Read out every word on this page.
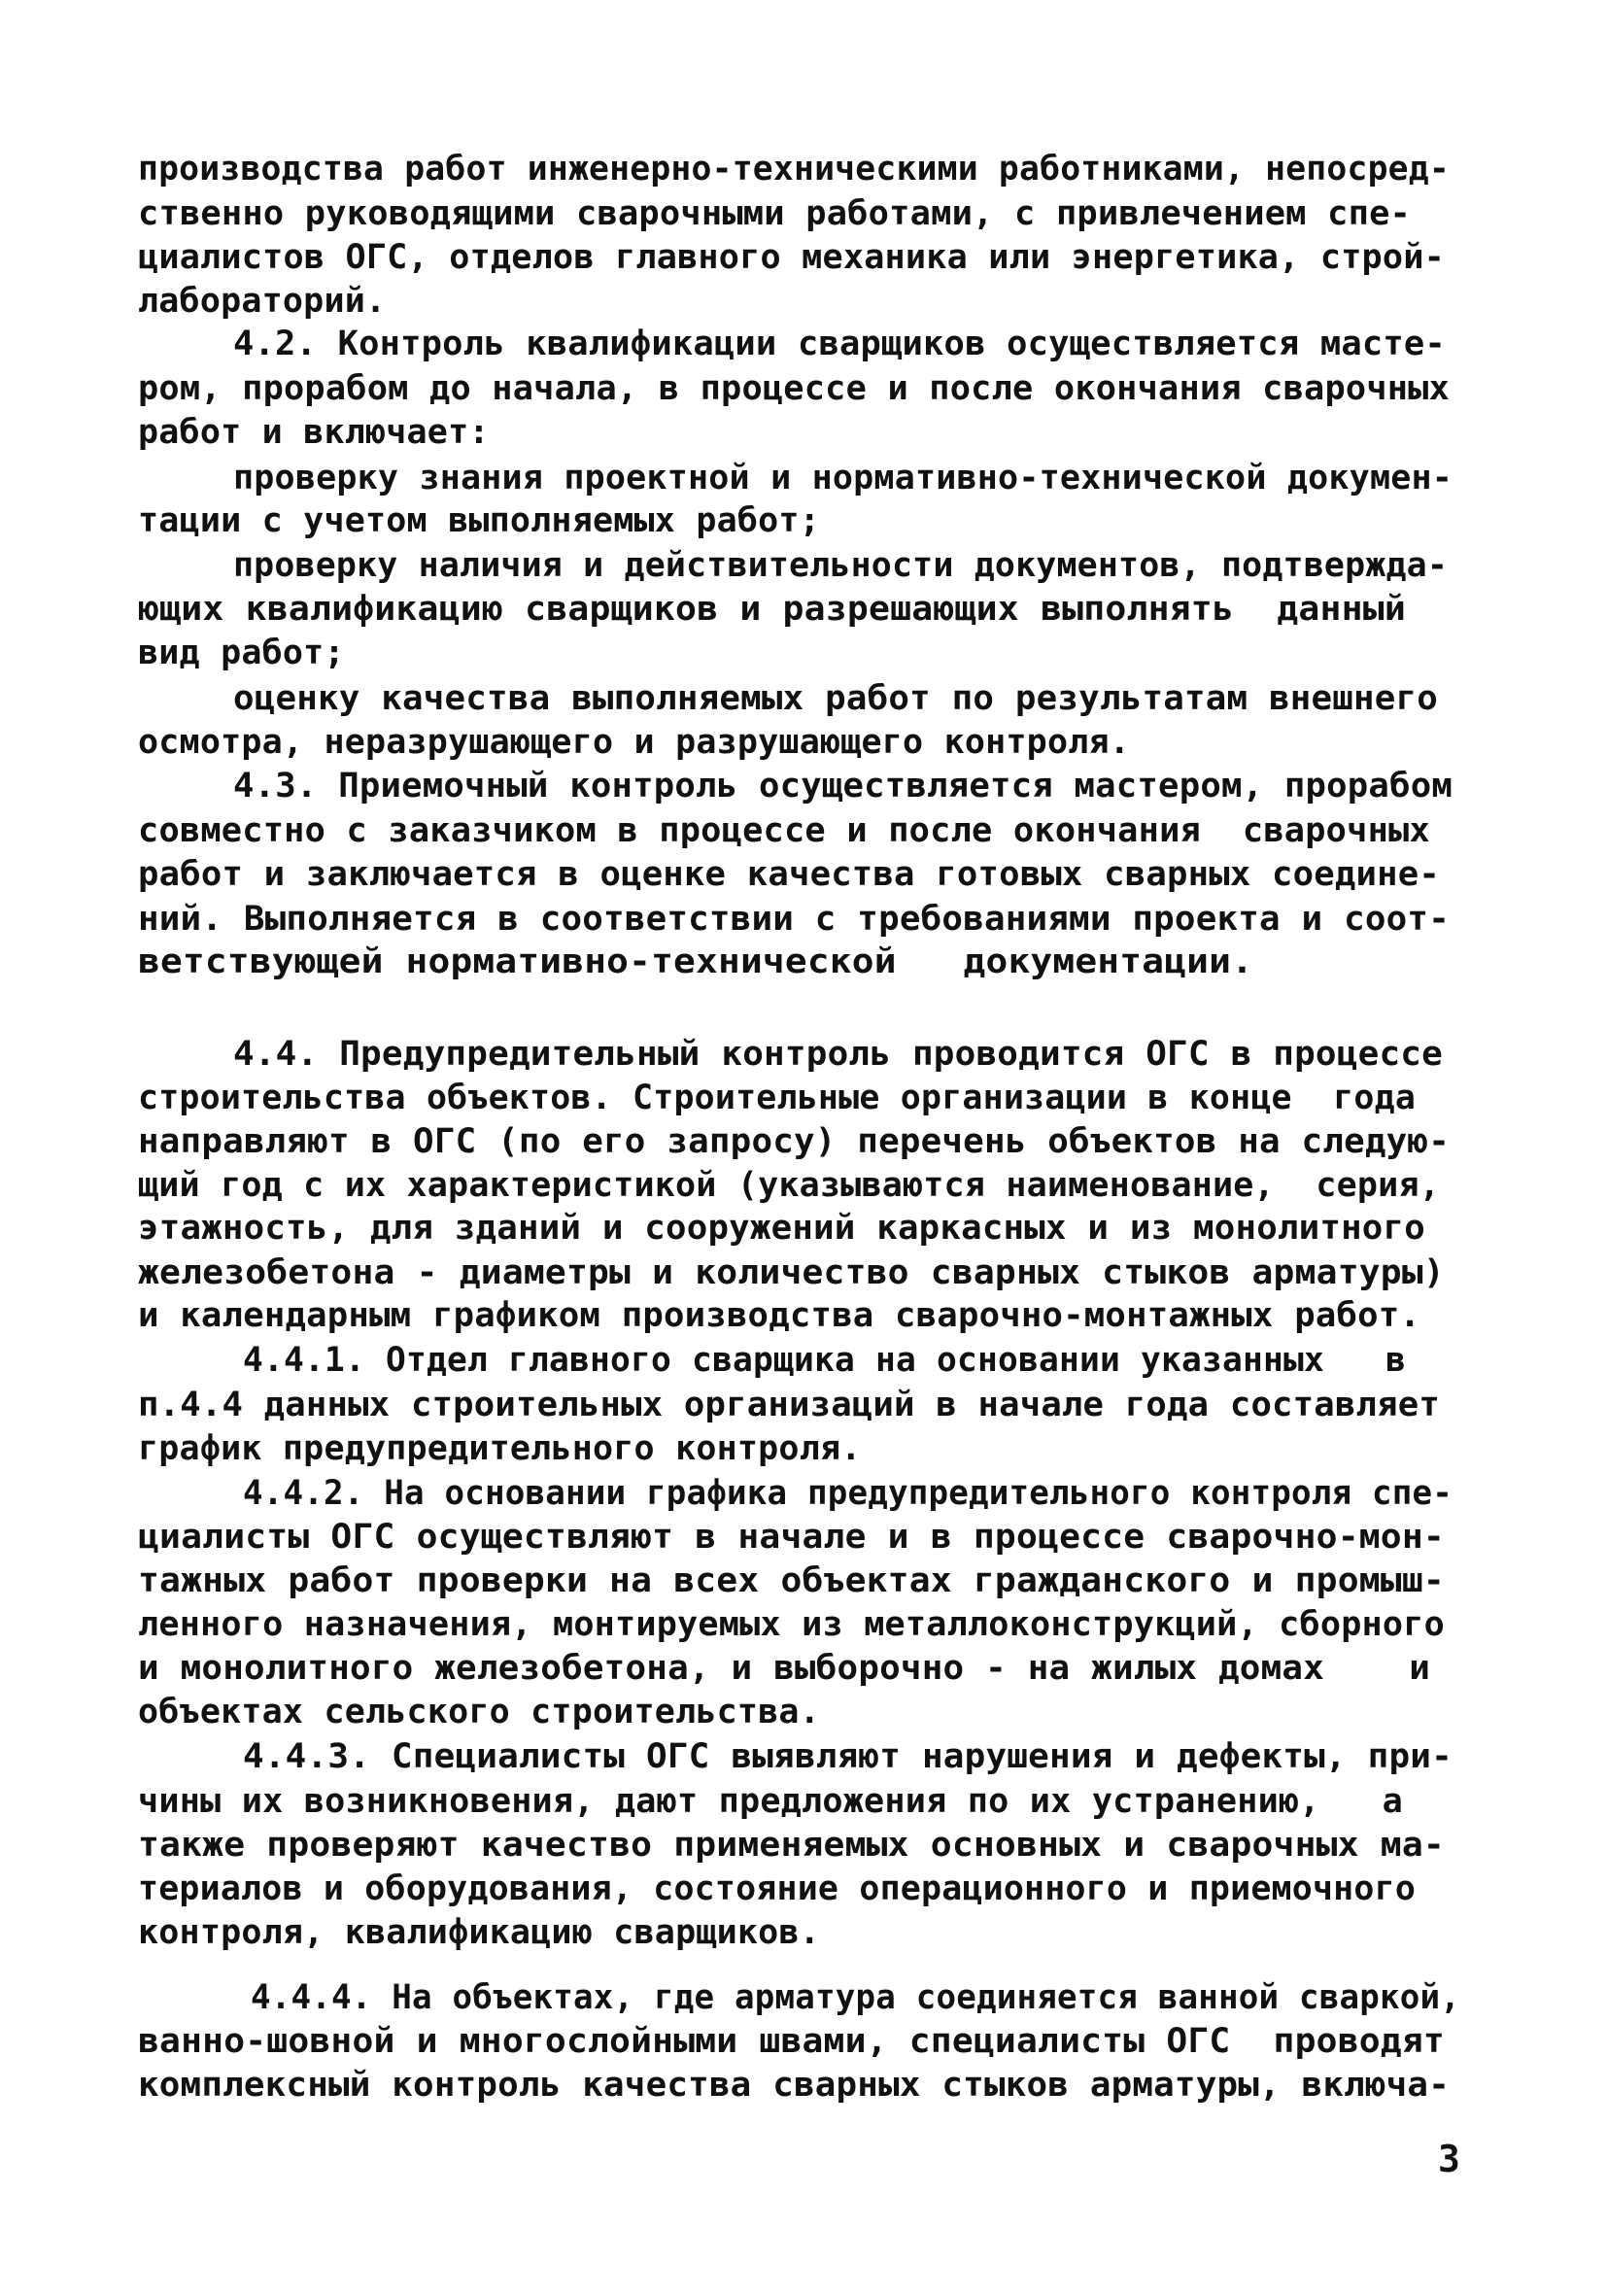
производства работ инженерно-техническими работниками, непосред-
ственно руководящими сварочными работами, с привлечением спе-
циалистов ОГС, отделов главного механика или энергетика, строй-
лабораторий.
4.2. Контроль квалификации сварщиков осуществляется масте-
ром, прорабом до начала, в процессе и после окончания сварочных
работ и включает:
проверку знания проектной и нормативно-технической докумен-
тации с учетом выполняемых работ;
проверку наличия и действительности документов, подтвержда-
ющих квалификацию сварщиков и разрешающих выполнять  данный
вид работ;
оценку качества выполняемых работ по результатам внешнего
осмотра, неразрушающего и разрушающего контроля.
4.3. Приемочный контроль осуществляется мастером, прорабом
совместно с заказчиком в процессе и после окончания  сварочных
работ и заключается в оценке качества готовых сварных соедине-
ний. Выполняется в соответствии с требованиями проекта и соот-
ветствующей нормативно-технической   документации.
4.4. Предупредительный контроль проводится ОГС в процессе
строительства объектов. Строительные организации в конце  года
направляют в ОГС (по его запросу) перечень объектов на следую-
щий год с их характеристикой (указываются наименование,  серия,
этажность, для зданий и сооружений каркасных и из монолитного
железобетона - диаметры и количество сварных стыков арматуры)
и календарным графиком производства сварочно-монтажных работ.
4.4.1. Отдел главного сварщика на основании указанных   в
п.4.4 данных строительных организаций в начале года составляет
график предупредительного контроля.
4.4.2. На основании графика предупредительного контроля спе-
циалисты ОГС осуществляют в начале и в процессе сварочно-мон-
тажных работ проверки на всех объектах гражданского и промыш-
ленного назначения, монтируемых из металлоконструкций, сборного
и монолитного железобетона, и выборочно - на жилых домах    и
объектах сельского строительства.
4.4.3. Специалисты ОГС выявляют нарушения и дефекты, при-
чины их возникновения, дают предложения по их устранению,   а
также проверяют качество применяемых основных и сварочных ма-
териалов и оборудования, состояние операционного и приемочного
контроля, квалификацию сварщиков.
4.4.4. На объектах, где арматура соединяется ванной сваркой,
ванно-шовной и многослойными швами, специалисты ОГС  проводят
комплексный контроль качества сварных стыков арматуры, включа-
3
